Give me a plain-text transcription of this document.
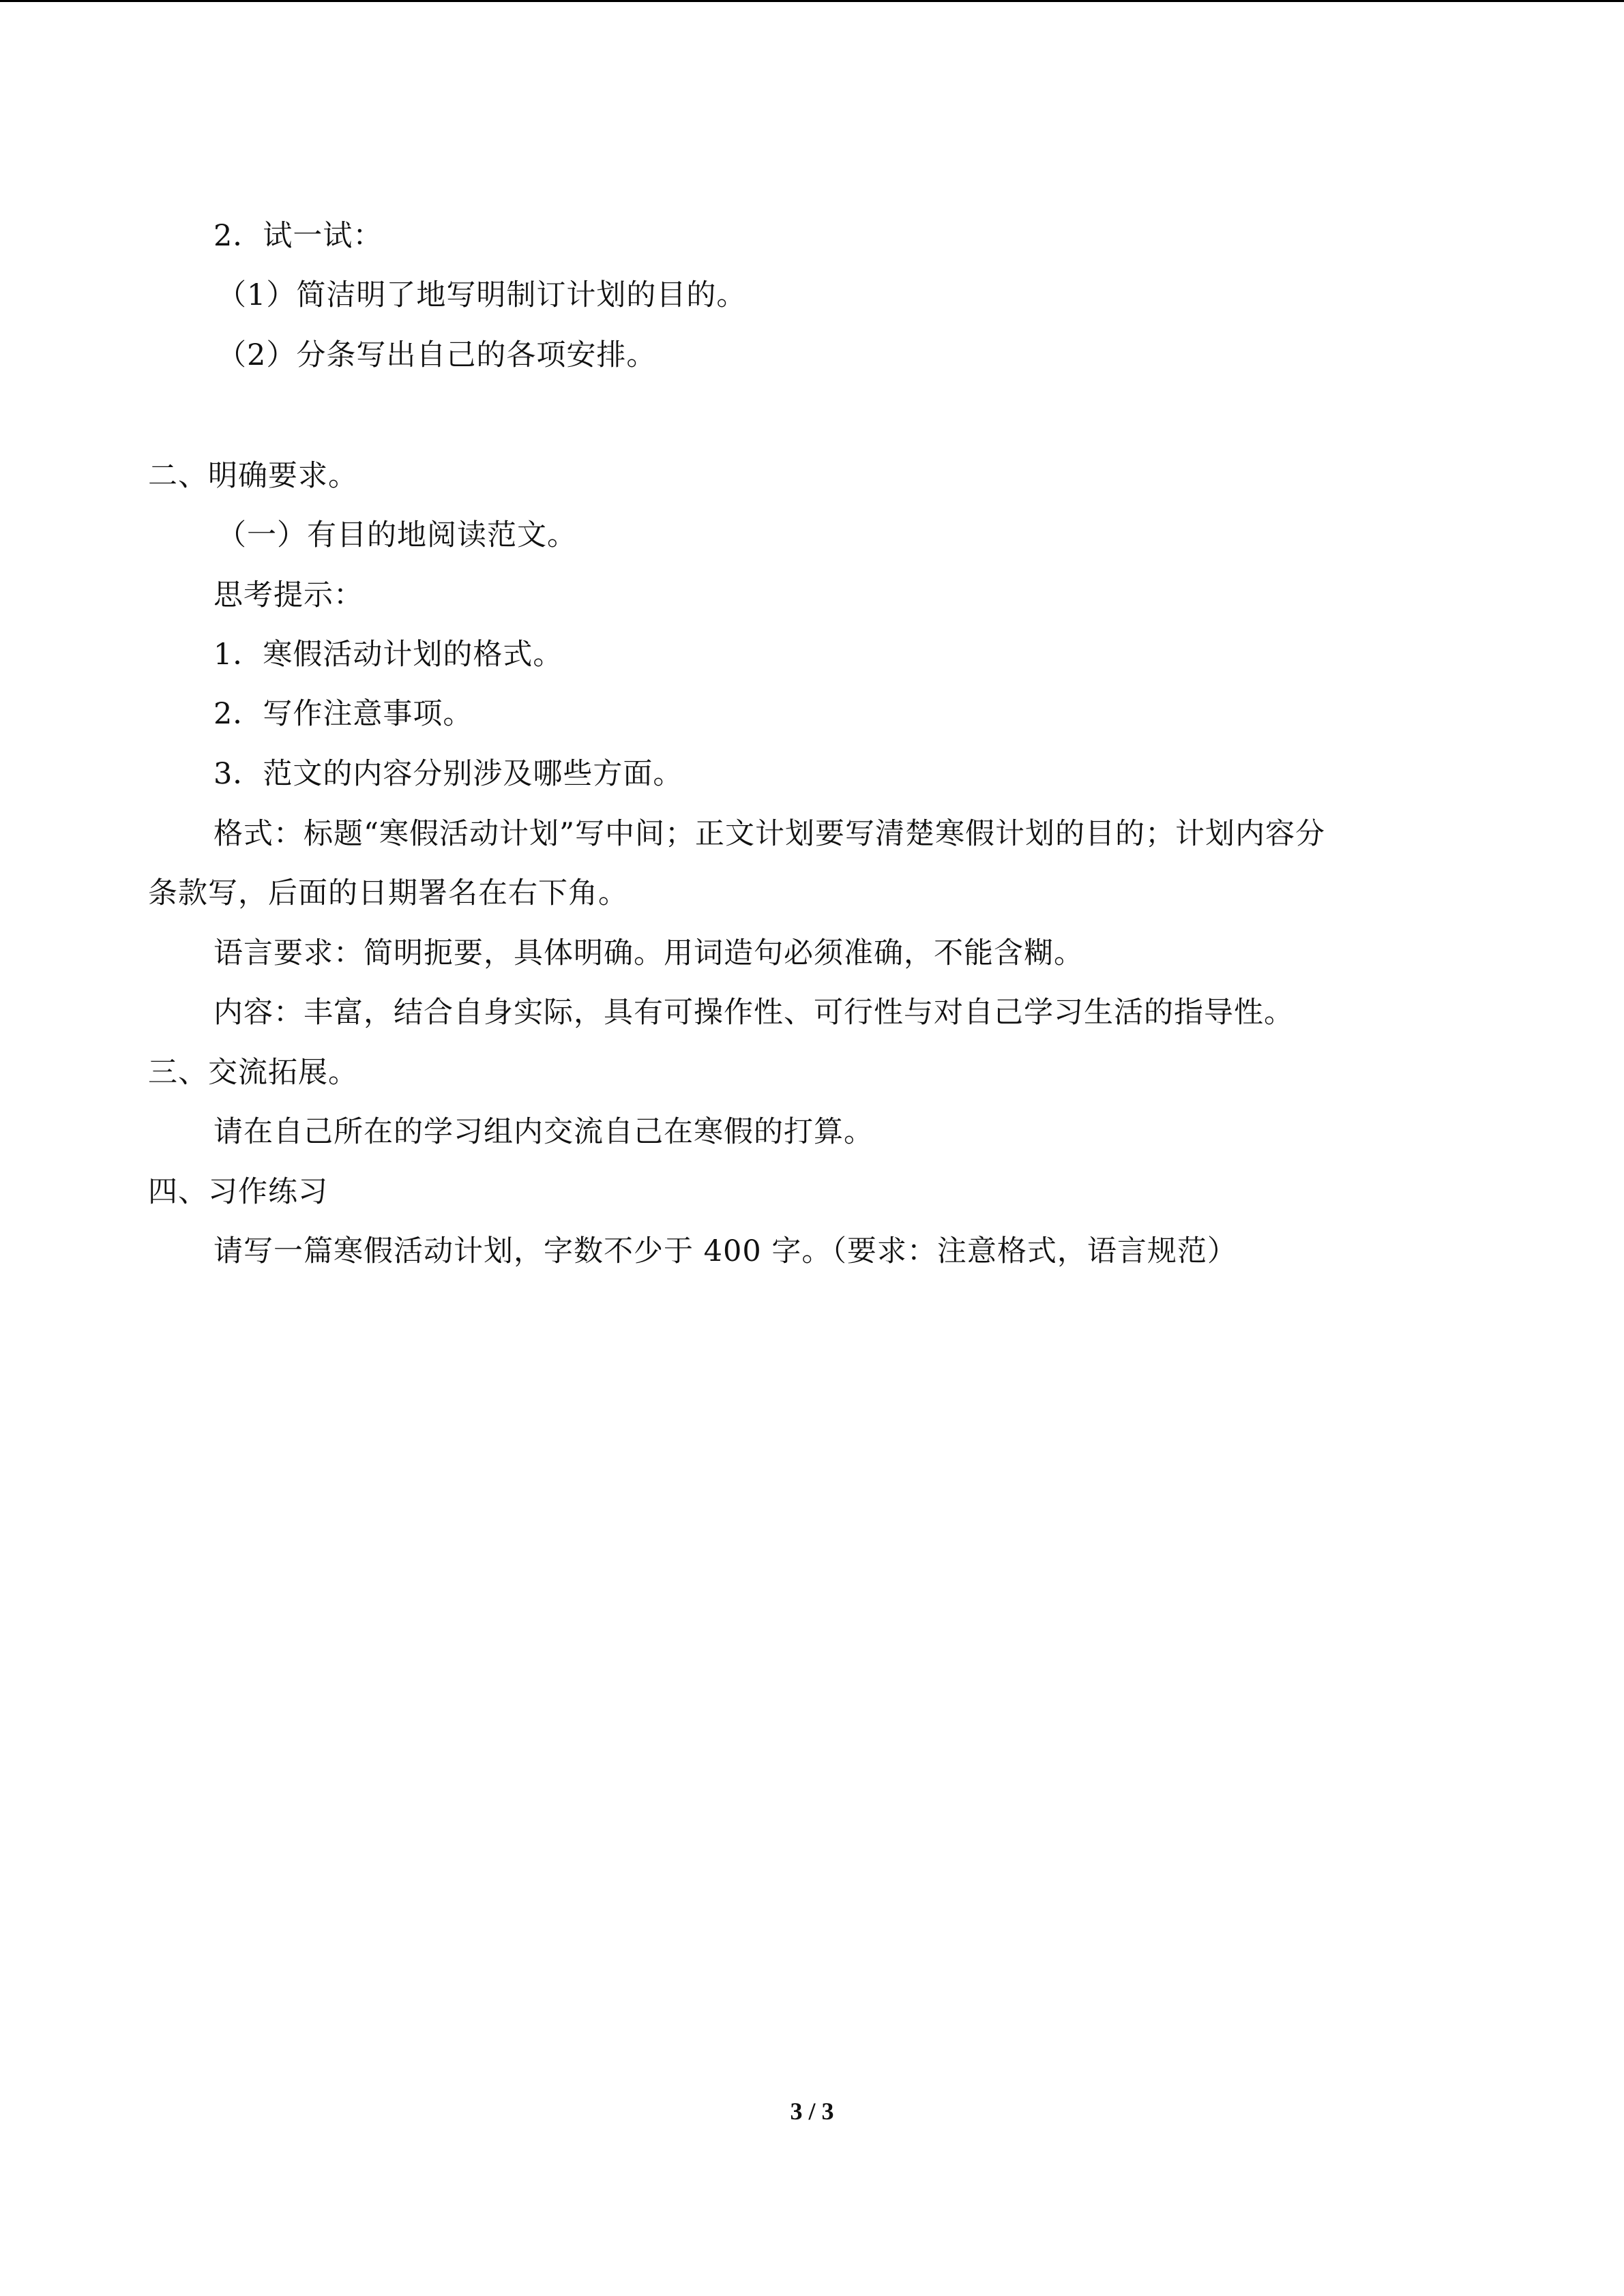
2．试一试：
（1）简洁明了地写明制订计划的目的。
（2）分条写出自己的各项安排。
二、明确要求。
（一）有目的地阅读范文。
思考提示：
1．寒假活动计划的格式。
2．写作注意事项。
3．范文的内容分别涉及哪些方面。
格式：标题“寒假活动计划”写中间；正文计划要写清楚寒假计划的目的；计划内容分
条款写，后面的日期署名在右下角。
语言要求：简明扼要，具体明确。用词造句必须准确，不能含糊。
内容：丰富，结合自身实际，具有可操作性、可行性与对自己学习生活的指导性。
三、交流拓展。
请在自己所在的学习组内交流自己在寒假的打算。
四、习作练习
请写一篇寒假活动计划，字数不少于 400 字。（要求：注意格式，语言规范）
3 / 3
